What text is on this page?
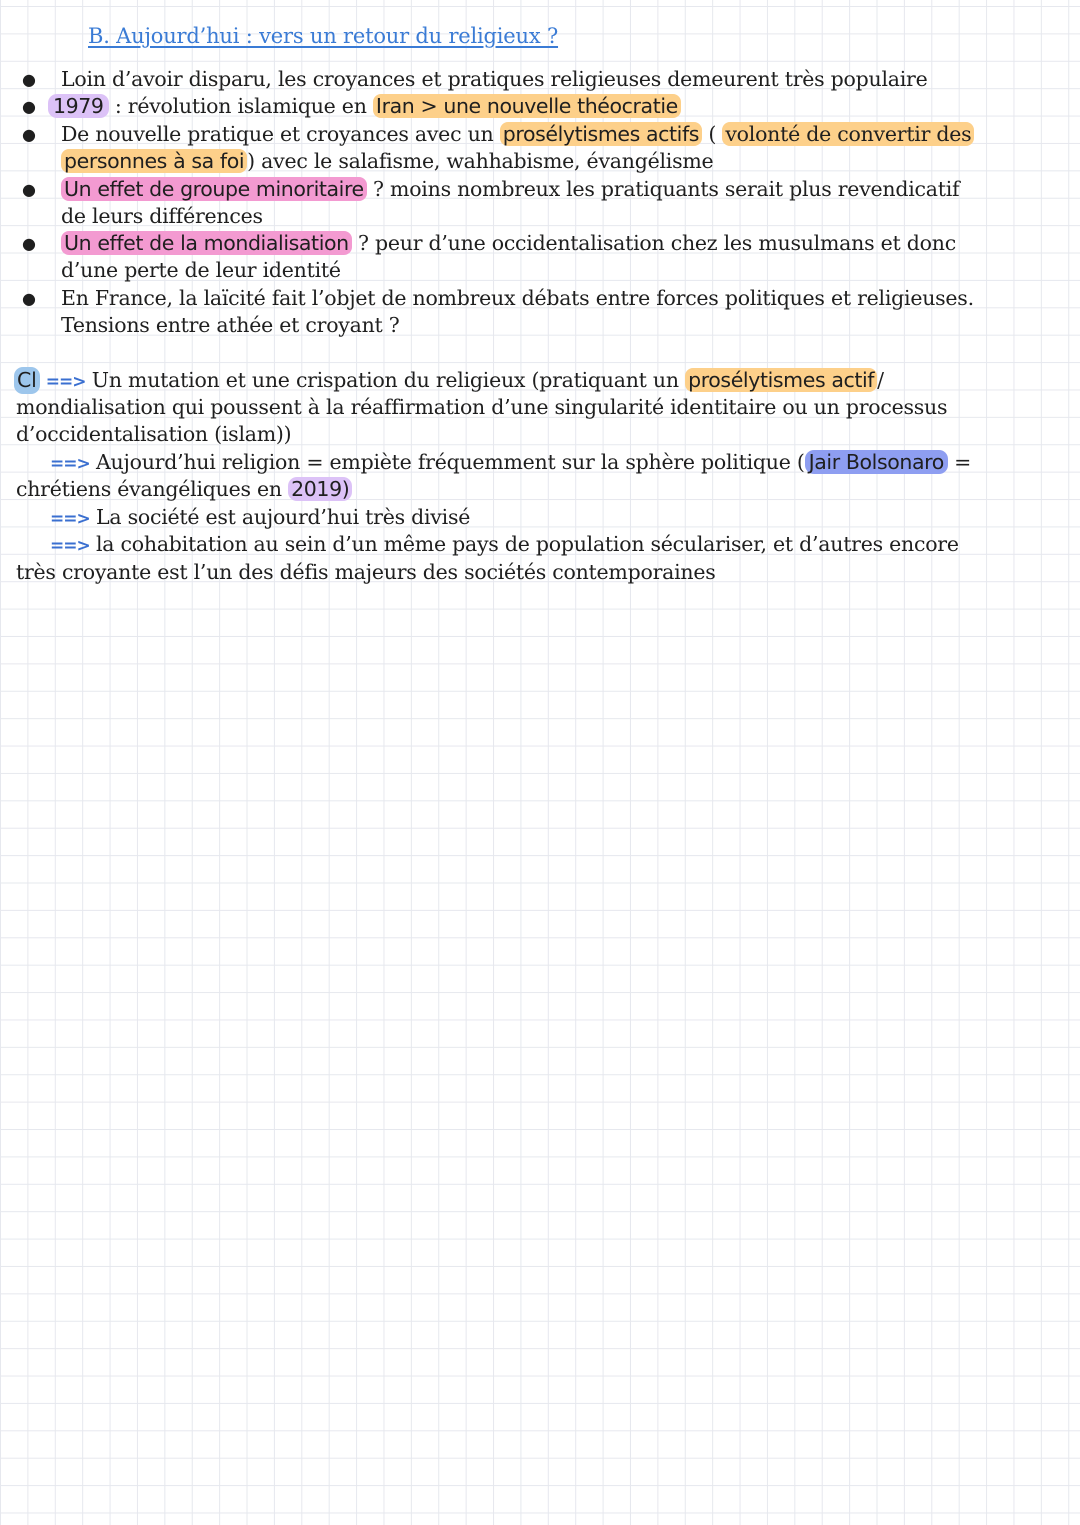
B. Aujourd’hui : vers un retour du religieux ?
● Loin d’avoir disparu, les croyances et pratiques religieuses demeurent très populaire
● 1979 : révolution islamique en Iran > une nouvelle théocratie
● De nouvelle pratique et croyances avec un prosélytismes actifs ( volonté de convertir des
personnes à sa foi ) avec le salafisme, wahhabisme, évangélisme
● Un effet de groupe minoritaire ? moins nombreux les pratiquants serait plus revendicatif
de leurs différences
● Un effet de la mondialisation ? peur d’une occidentalisation chez les musulmans et donc
d’une perte de leur identité
● En France, la laïcité fait l’objet de nombreux débats entre forces politiques et religieuses.
Tensions entre athée et croyant ?
Cl ==> Un mutation et une crispation du religieux (pratiquant un prosélytismes actif /
mondialisation qui poussent à la réaffirmation d’une singularité identitaire ou un processus
d’occidentalisation (islam))
==> Aujourd’hui religion = empiète fréquemment sur la sphère politique ( Jair Bolsonaro =
chrétiens évangéliques en 2019)
==> La société est aujourd’hui très divisé
==> la cohabitation au sein d’un même pays de population séculariser, et d’autres encore
très croyante est l’un des défis majeurs des sociétés contemporaines
